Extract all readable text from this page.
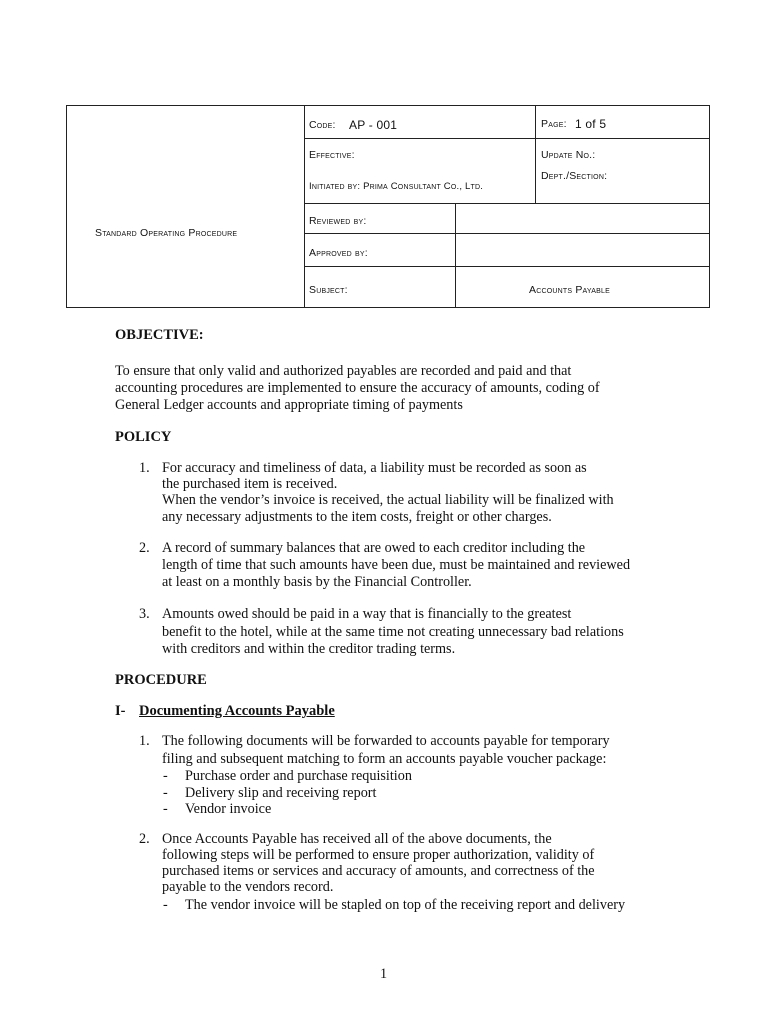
Standard Operating Procedure
Code: AP - 001	Page: 1 of 5
Effective:	Update No.:
Dept./Section:
Initiated by: Prima Consultant Co., Ltd.
Reviewed by:
Approved by:
Subject:	Accounts Payable
OBJECTIVE:
To ensure that only valid and authorized payables are recorded and paid and that
accounting procedures are implemented to ensure the accuracy of amounts, coding of
General Ledger accounts and appropriate timing of payments
POLICY
1. For accuracy and timeliness of data, a liability must be recorded as soon as
the purchased item is received.
When the vendor’s invoice is received, the actual liability will be finalized with
any necessary adjustments to the item costs, freight or other charges.
2. A record of summary balances that are owed to each creditor including the
length of time that such amounts have been due, must be maintained and reviewed
at least on a monthly basis by the Financial Controller.
3. Amounts owed should be paid in a way that is financially to the greatest
benefit to the hotel, while at the same time not creating unnecessary bad relations
with creditors and within the creditor trading terms.
PROCEDURE
I- Documenting Accounts Payable
1. The following documents will be forwarded to accounts payable for temporary
filing and subsequent matching to form an accounts payable voucher package:
- Purchase order and purchase requisition
- Delivery slip and receiving report
- Vendor invoice
2. Once Accounts Payable has received all of the above documents, the
following steps will be performed to ensure proper authorization, validity of
purchased items or services and accuracy of amounts, and correctness of the
payable to the vendors record.
- The vendor invoice will be stapled on top of the receiving report and delivery
1
